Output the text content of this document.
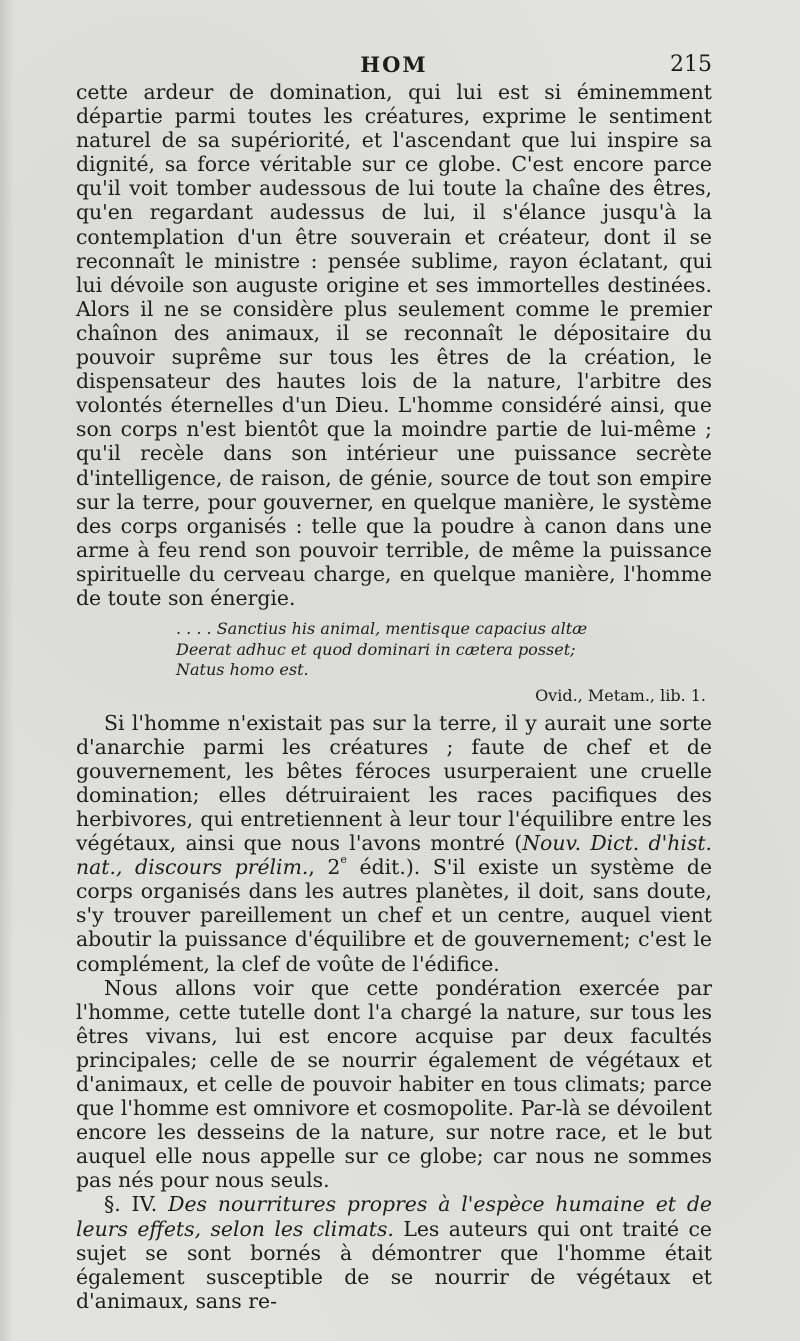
HOM	215

cette ardeur de domination, qui lui est si éminemment départie parmi toutes les créatures, exprime le sentiment naturel de sa supériorité, et l'ascendant que lui inspire sa dignité, sa force véritable sur ce globe. C'est encore parce qu'il voit tomber audessous de lui toute la chaîne des êtres, qu'en regardant audessus de lui, il s'élance jusqu'à la contemplation d'un être souverain et créateur, dont il se reconnaît le ministre : pensée sublime, rayon éclatant, qui lui dévoile son auguste origine et ses immortelles destinées. Alors il ne se considère plus seulement comme le premier chaînon des animaux, il se reconnaît le dépositaire du pouvoir suprême sur tous les êtres de la création, le dispensateur des hautes lois de la nature, l'arbitre des volontés éternelles d'un Dieu. L'homme considéré ainsi, que son corps n'est bientôt que la moindre partie de lui-même ; qu'il recèle dans son intérieur une puissance secrète d'intelligence, de raison, de génie, source de tout son empire sur la terre, pour gouverner, en quelque manière, le système des corps organisés : telle que la poudre à canon dans une arme à feu rend son pouvoir terrible, de même la puissance spirituelle du cerveau charge, en quelque manière, l'homme de toute son énergie.

. . . . Sanctius his animal, mentisque capacius altæ
Deerat adhuc et quod dominari in cætera posset;
Natus homo est.
Ovid., Metam., lib. 1.

Si l'homme n'existait pas sur la terre, il y aurait une sorte d'anarchie parmi les créatures ; faute de chef et de gouvernement, les bêtes féroces usurperaient une cruelle domination; elles détruiraient les races pacifiques des herbivores, qui entretiennent à leur tour l'équilibre entre les végétaux, ainsi que nous l'avons montré (Nouv. Dict. d'hist. nat., discours prélim., 2e édit.). S'il existe un système de corps organisés dans les autres planètes, il doit, sans doute, s'y trouver pareillement un chef et un centre, auquel vient aboutir la puissance d'équilibre et de gouvernement; c'est le complément, la clef de voûte de l'édifice.

Nous allons voir que cette pondération exercée par l'homme, cette tutelle dont l'a chargé la nature, sur tous les êtres vivans, lui est encore acquise par deux facultés principales; celle de se nourrir également de végétaux et d'animaux, et celle de pouvoir habiter en tous climats; parce que l'homme est omnivore et cosmopolite. Par-là se dévoilent encore les desseins de la nature, sur notre race, et le but auquel elle nous appelle sur ce globe; car nous ne sommes pas nés pour nous seuls.

§. IV. Des nourritures propres à l'espèce humaine et de leurs effets, selon les climats. Les auteurs qui ont traité ce sujet se sont bornés à démontrer que l'homme était également susceptible de se nourrir de végétaux et d'animaux, sans re-
